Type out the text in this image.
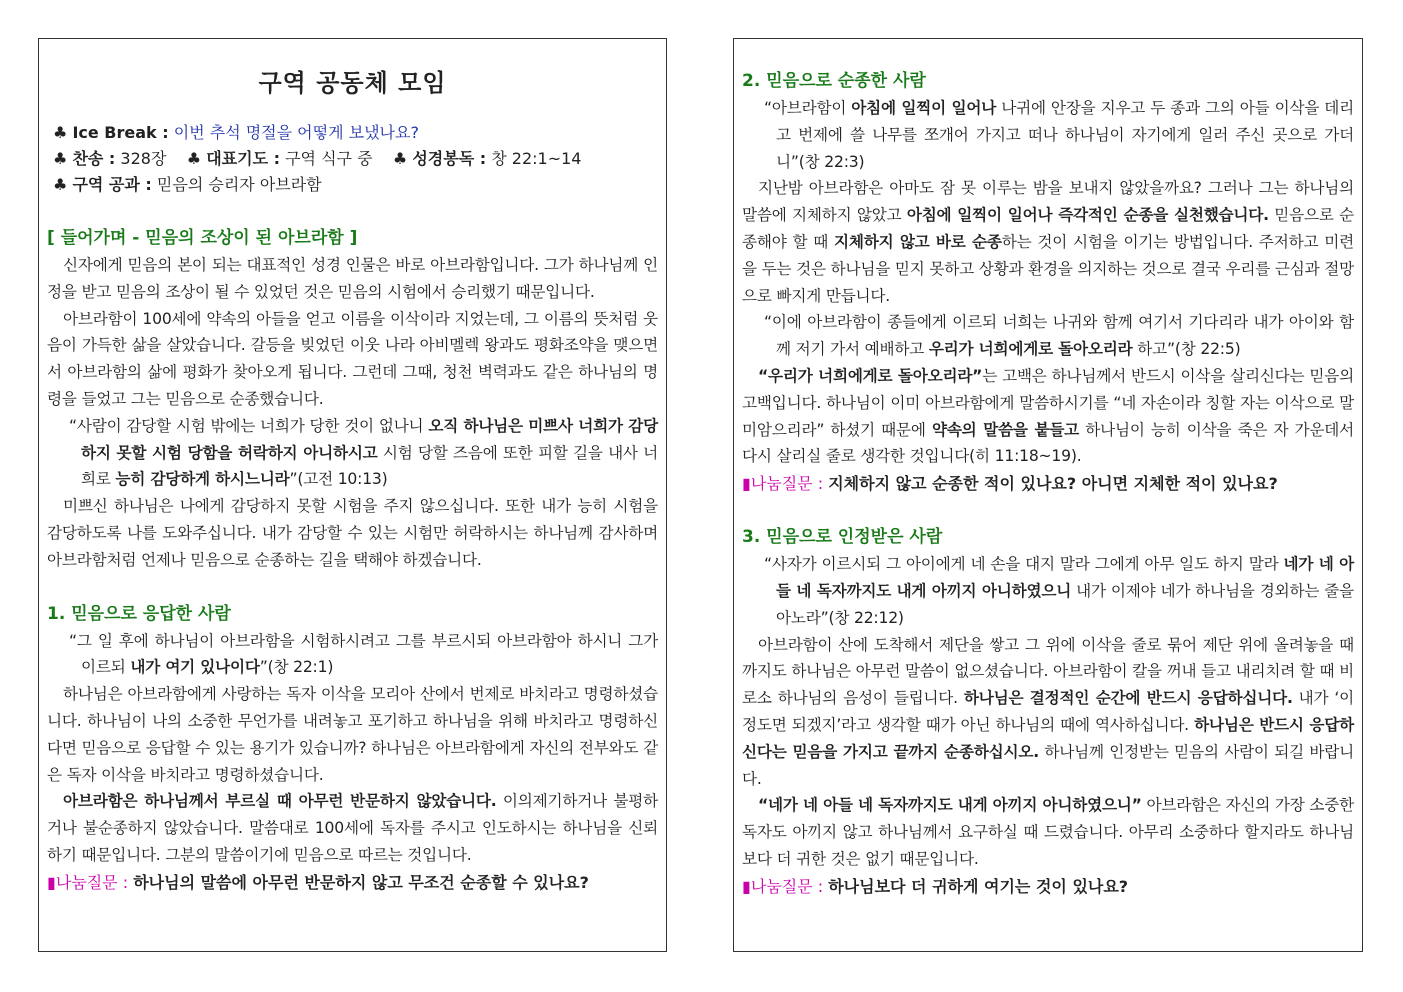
구역 공동체 모임

♣ Ice Break : 이번 추석 명절을 어떻게 보냈나요?

♣ 찬송 : 328장 ♣ 대표기도 : 구역 식구 중 ♣ 성경봉독 : 창 22:1~14

♣ 구역 공과 : 믿음의 승리자 아브라함

[ 들어가며 - 믿음의 조상이 된 아브라함 ]

신자에게 믿음의 본이 되는 대표적인 성경 인물은 바로 아브라함입니다. 그가 하나님께 인정을 받고 믿음의 조상이 될 수 있었던 것은 믿음의 시험에서 승리했기 때문입니다.

아브라함이 100세에 약속의 아들을 얻고 이름을 이삭이라 지었는데, 그 이름의 뜻처럼 웃음이 가득한 삶을 살았습니다. 갈등을 빚었던 이웃 나라 아비멜렉 왕과도 평화조약을 맺으면서 아브라함의 삶에 평화가 찾아오게 됩니다. 그런데 그때, 청천 벽력과도 같은 하나님의 명령을 들었고 그는 믿음으로 순종했습니다.

“사람이 감당할 시험 밖에는 너희가 당한 것이 없나니 오직 하나님은 미쁘사 너희가 감당하지 못할 시험 당함을 허락하지 아니하시고 시험 당할 즈음에 또한 피할 길을 내사 너희로 능히 감당하게 하시느니라”(고전 10:13)

미쁘신 하나님은 나에게 감당하지 못할 시험을 주지 않으십니다. 또한 내가 능히 시험을 감당하도록 나를 도와주십니다. 내가 감당할 수 있는 시험만 허락하시는 하나님께 감사하며 아브라함처럼 언제나 믿음으로 순종하는 길을 택해야 하겠습니다.

1. 믿음으로 응답한 사람

“그 일 후에 하나님이 아브라함을 시험하시려고 그를 부르시되 아브라함아 하시니 그가 이르되 내가 여기 있나이다”(창 22:1)

하나님은 아브라함에게 사랑하는 독자 이삭을 모리아 산에서 번제로 바치라고 명령하셨습니다. 하나님이 나의 소중한 무언가를 내려놓고 포기하고 하나님을 위해 바치라고 명령하신다면 믿음으로 응답할 수 있는 용기가 있습니까? 하나님은 아브라함에게 자신의 전부와도 같은 독자 이삭을 바치라고 명령하셨습니다.

아브라함은 하나님께서 부르실 때 아무런 반문하지 않았습니다. 이의제기하거나 불평하거나 불순종하지 않았습니다. 말씀대로 100세에 독자를 주시고 인도하시는 하나님을 신뢰하기 때문입니다. 그분의 말씀이기에 믿음으로 따르는 것입니다.

▮나눔질문 : 하나님의 말씀에 아무런 반문하지 않고 무조건 순종할 수 있나요?

2. 믿음으로 순종한 사람

“아브라함이 아침에 일찍이 일어나 나귀에 안장을 지우고 두 종과 그의 아들 이삭을 데리고 번제에 쓸 나무를 쪼개어 가지고 떠나 하나님이 자기에게 일러 주신 곳으로 가더니”(창 22:3)

지난밤 아브라함은 아마도 잠 못 이루는 밤을 보내지 않았을까요? 그러나 그는 하나님의 말씀에 지체하지 않았고 아침에 일찍이 일어나 즉각적인 순종을 실천했습니다. 믿음으로 순종해야 할 때 지체하지 않고 바로 순종하는 것이 시험을 이기는 방법입니다. 주저하고 미련을 두는 것은 하나님을 믿지 못하고 상황과 환경을 의지하는 것으로 결국 우리를 근심과 절망으로 빠지게 만듭니다.

“이에 아브라함이 종들에게 이르되 너희는 나귀와 함께 여기서 기다리라 내가 아이와 함께 저기 가서 예배하고 우리가 너희에게로 돌아오리라 하고”(창 22:5)

“우리가 너희에게로 돌아오리라”는 고백은 하나님께서 반드시 이삭을 살리신다는 믿음의 고백입니다. 하나님이 이미 아브라함에게 말씀하시기를 “네 자손이라 칭할 자는 이삭으로 말미암으리라” 하셨기 때문에 약속의 말씀을 붙들고 하나님이 능히 이삭을 죽은 자 가운데서 다시 살리실 줄로 생각한 것입니다(히 11:18~19).

▮나눔질문 : 지체하지 않고 순종한 적이 있나요? 아니면 지체한 적이 있나요?

3. 믿음으로 인정받은 사람

“사자가 이르시되 그 아이에게 네 손을 대지 말라 그에게 아무 일도 하지 말라 네가 네 아들 네 독자까지도 내게 아끼지 아니하였으니 내가 이제야 네가 하나님을 경외하는 줄을 아노라”(창 22:12)

아브라함이 산에 도착해서 제단을 쌓고 그 위에 이삭을 줄로 묶어 제단 위에 올려놓을 때까지도 하나님은 아무런 말씀이 없으셨습니다. 아브라함이 칼을 꺼내 들고 내리치려 할 때 비로소 하나님의 음성이 들립니다. 하나님은 결정적인 순간에 반드시 응답하십니다. 내가 ‘이 정도면 되겠지’라고 생각할 때가 아닌 하나님의 때에 역사하십니다. 하나님은 반드시 응답하신다는 믿음을 가지고 끝까지 순종하십시오. 하나님께 인정받는 믿음의 사람이 되길 바랍니다.

“네가 네 아들 네 독자까지도 내게 아끼지 아니하였으니” 아브라함은 자신의 가장 소중한 독자도 아끼지 않고 하나님께서 요구하실 때 드렸습니다. 아무리 소중하다 할지라도 하나님보다 더 귀한 것은 없기 때문입니다.

▮나눔질문 : 하나님보다 더 귀하게 여기는 것이 있나요?
